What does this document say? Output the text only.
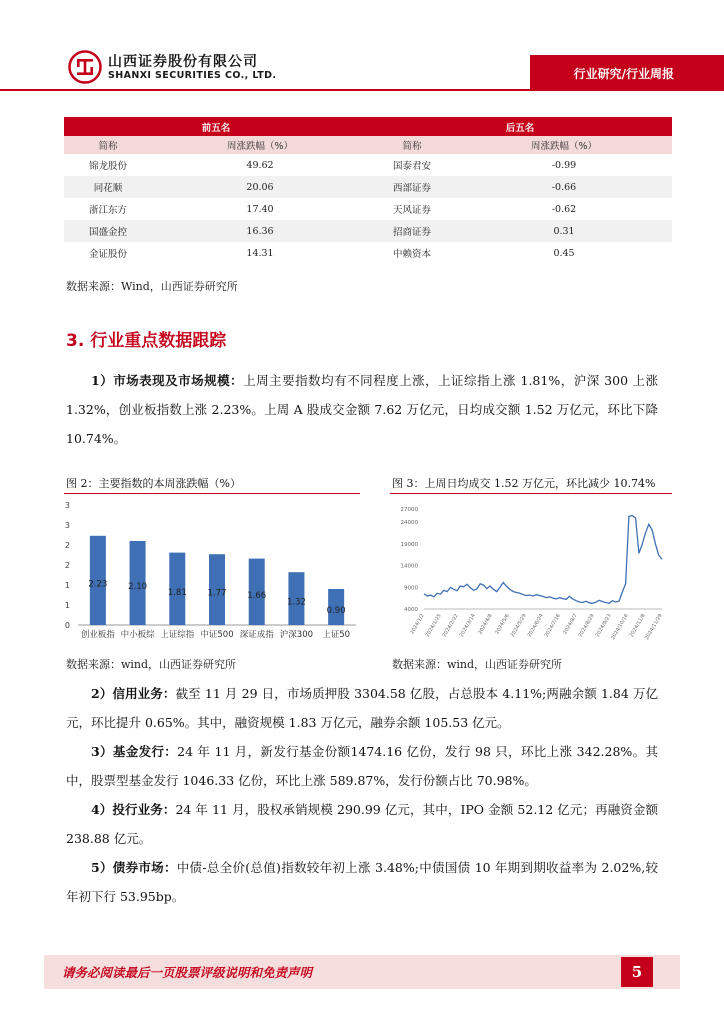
山西证券股份有限公司
SHANXI SECURITIES CO., LTD.	行业研究/行业周报
前五名		后五名	
简称	周涨跌幅（%）	简称	周涨跌幅（%）
锦龙股份	49.62	国泰君安	-0.99
同花顺	20.06	西部证券	-0.66
浙江东方	17.40	天风证券	-0.62
国盛金控	16.36	招商证券	0.31
金证股份	14.31	中赖资本	0.45
数据来源：Wind，山西证券研究所
3. 行业重点数据跟踪
1）市场表现及市场规模：上周主要指数均有不同程度上涨，上证综指上涨 1.81%，沪深 300 上涨 1.32%，创业板指数上涨 2.23%。上周 A 股成交金额 7.62 万亿元，日均成交额 1.52 万亿元，环比下降 10.74%。
图 2：主要指数的本周涨跌幅（%）
0
1
1
2
2
3
3
2.23
创业板指
2.10
中小板综
1.81
上证综指
1.77
中证500
1.66
深证成指
1.32
沪深300
0.90
上证50
数据来源：wind，山西证券研究所
图 3：上周日均成交 1.52 万亿元，环比减少 10.74%
4000
9000
14000
19000
24000
27000
2024/1/2
2024/1/25
2024/2/22
2024/3/14 2024/4/8 2024/5/6
2024/5/29
2024/6/24
2024/7/16 2024/8/7
2024/8/29
2024/9/23
2024/10/16
2024/11/8
2024/11/29
数据来源：wind，山西证券研究所
2）信用业务：截至 11 月 29 日，市场质押股 3304.58 亿股，占总股本 4.11%;两融余额 1.84 万亿元，环比提升 0.65%。其中，融资规模 1.83 万亿元，融券余额 105.53 亿元。
3）基金发行：24 年 11 月，新发行基金份额1474.16 亿份，发行 98 只，环比上涨 342.28%。其中，股票型基金发行 1046.33 亿份，环比上涨 589.87%，发行份额占比 70.98%。
4）投行业务：24 年 11 月，股权承销规模 290.99 亿元，其中，IPO 金额 52.12 亿元；再融资金额 238.88 亿元。
5）债券市场：中债-总全价(总值)指数较年初上涨 3.48%;中债国债 10 年期到期收益率为 2.02%,较年初下行 53.95bp。
请务必阅读最后一页股票评级说明和免责声明	5
